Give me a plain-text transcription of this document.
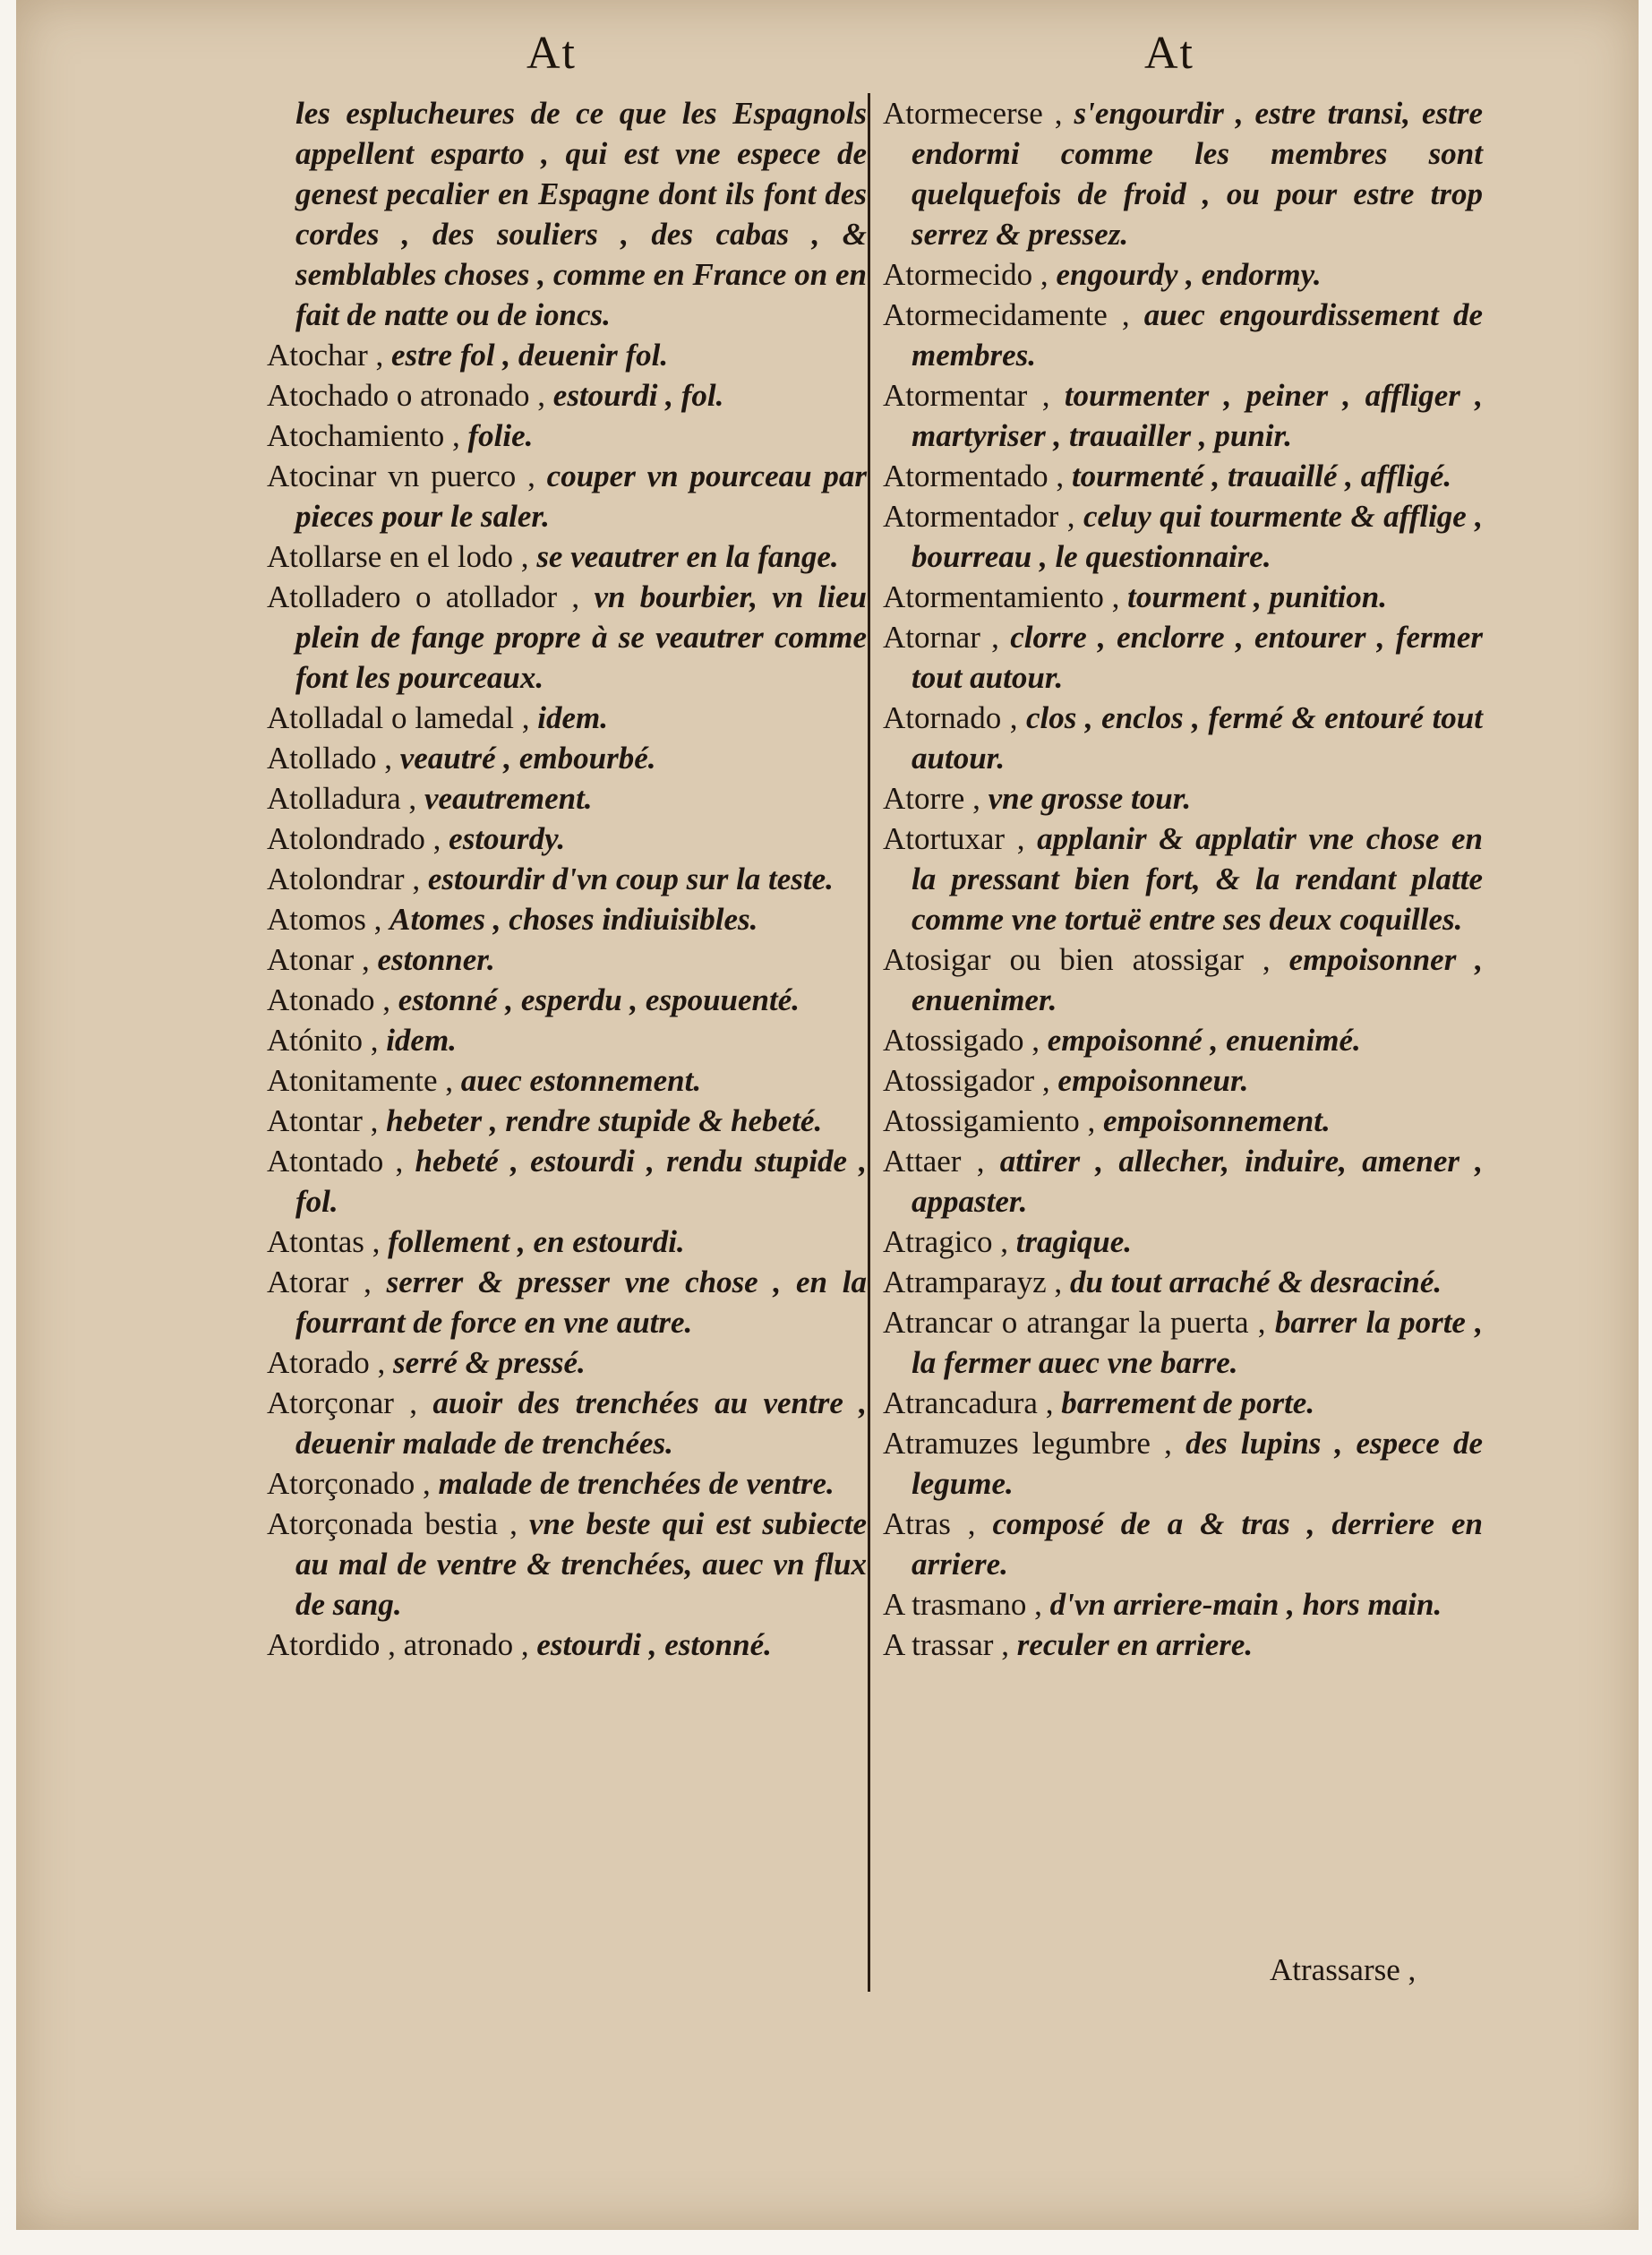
At	At

les esplucheures de ce que les Espagnols appellent esparto , qui est vne espece de genest pecalier en Espagne dont ils font des cordes , des souliers , des cabas , & semblables choses , comme en France on en fait de natte ou de ioncs.

Atochar , estre fol , deuenir fol.

Atochado o atronado , estourdi , fol.

Atochamiento , folie.

Atocinar vn puerco , couper vn pourceau par pieces pour le saler.

Atollarse en el lodo , se veautrer en la fange.

Atolladero o atollador , vn bourbier, vn lieu plein de fange propre à se veautrer comme font les pourceaux.

Atolladal o lamedal , idem.

Atollado , veautré , embourbé.

Atolladura , veautrement.

Atolondrado , estourdy.

Atolondrar , estourdir d'vn coup sur la teste.

Atomos , Atomes , choses indiuisibles.

Atonar , estonner.

Atonado , estonné , esperdu , espouuenté.

Atónito , idem.

Atonitamente , auec estonnement.

Atontar , hebeter , rendre stupide & hebeté.

Atontado , hebeté , estourdi , rendu stupide , fol.

Atontas , follement , en estourdi.

Atorar , serrer & presser vne chose , en la fourrant de force en vne autre.

Atorado , serré & pressé.

Atorçonar , auoir des trenchées au ventre , deuenir malade de trenchées.

Atorçonado , malade de trenchées de ventre.

Atorçonada bestia , vne beste qui est subiecte au mal de ventre & trenchées, auec vn flux de sang.

Atordido , atronado , estourdi , estonné.

Atormecerse , s'engourdir , estre transi, estre endormi comme les membres sont quelquefois de froid , ou pour estre trop serrez & pressez.

Atormecido , engourdy , endormy.

Atormecidamente , auec engourdissement de membres.

Atormentar , tourmenter , peiner , affliger , martyriser , trauailler , punir.

Atormentado , tourmenté , trauaillé , affligé.

Atormentador , celuy qui tourmente & afflige , bourreau , le questionnaire.

Atormentamiento , tourment , punition.

Atornar , clorre , enclorre , entourer , fermer tout autour.

Atornado , clos , enclos , fermé & entouré tout autour.

Atorre , vne grosse tour.

Atortuxar , applanir & applatir vne chose en la pressant bien fort, & la rendant platte comme vne tortuë entre ses deux coquilles.

Atosigar ou bien atossigar , empoisonner , enuenimer.

Atossigado , empoisonné , enuenimé.

Atossigador , empoisonneur.

Atossigamiento , empoisonnement.

Attaer , attirer , allecher, induire, amener , appaster.

Atragico , tragique.

Atramparayz , du tout arraché & desraciné.

Atrancar o atrangar la puerta , barrer la porte , la fermer auec vne barre.

Atrancadura , barrement de porte.

Atramuzes legumbre , des lupins , espece de legume.

Atras , composé de a & tras , derriere en arriere.

A trasmano , d'vn arriere-main , hors main.

A trassar , reculer en arriere.

Atrassarse ,
